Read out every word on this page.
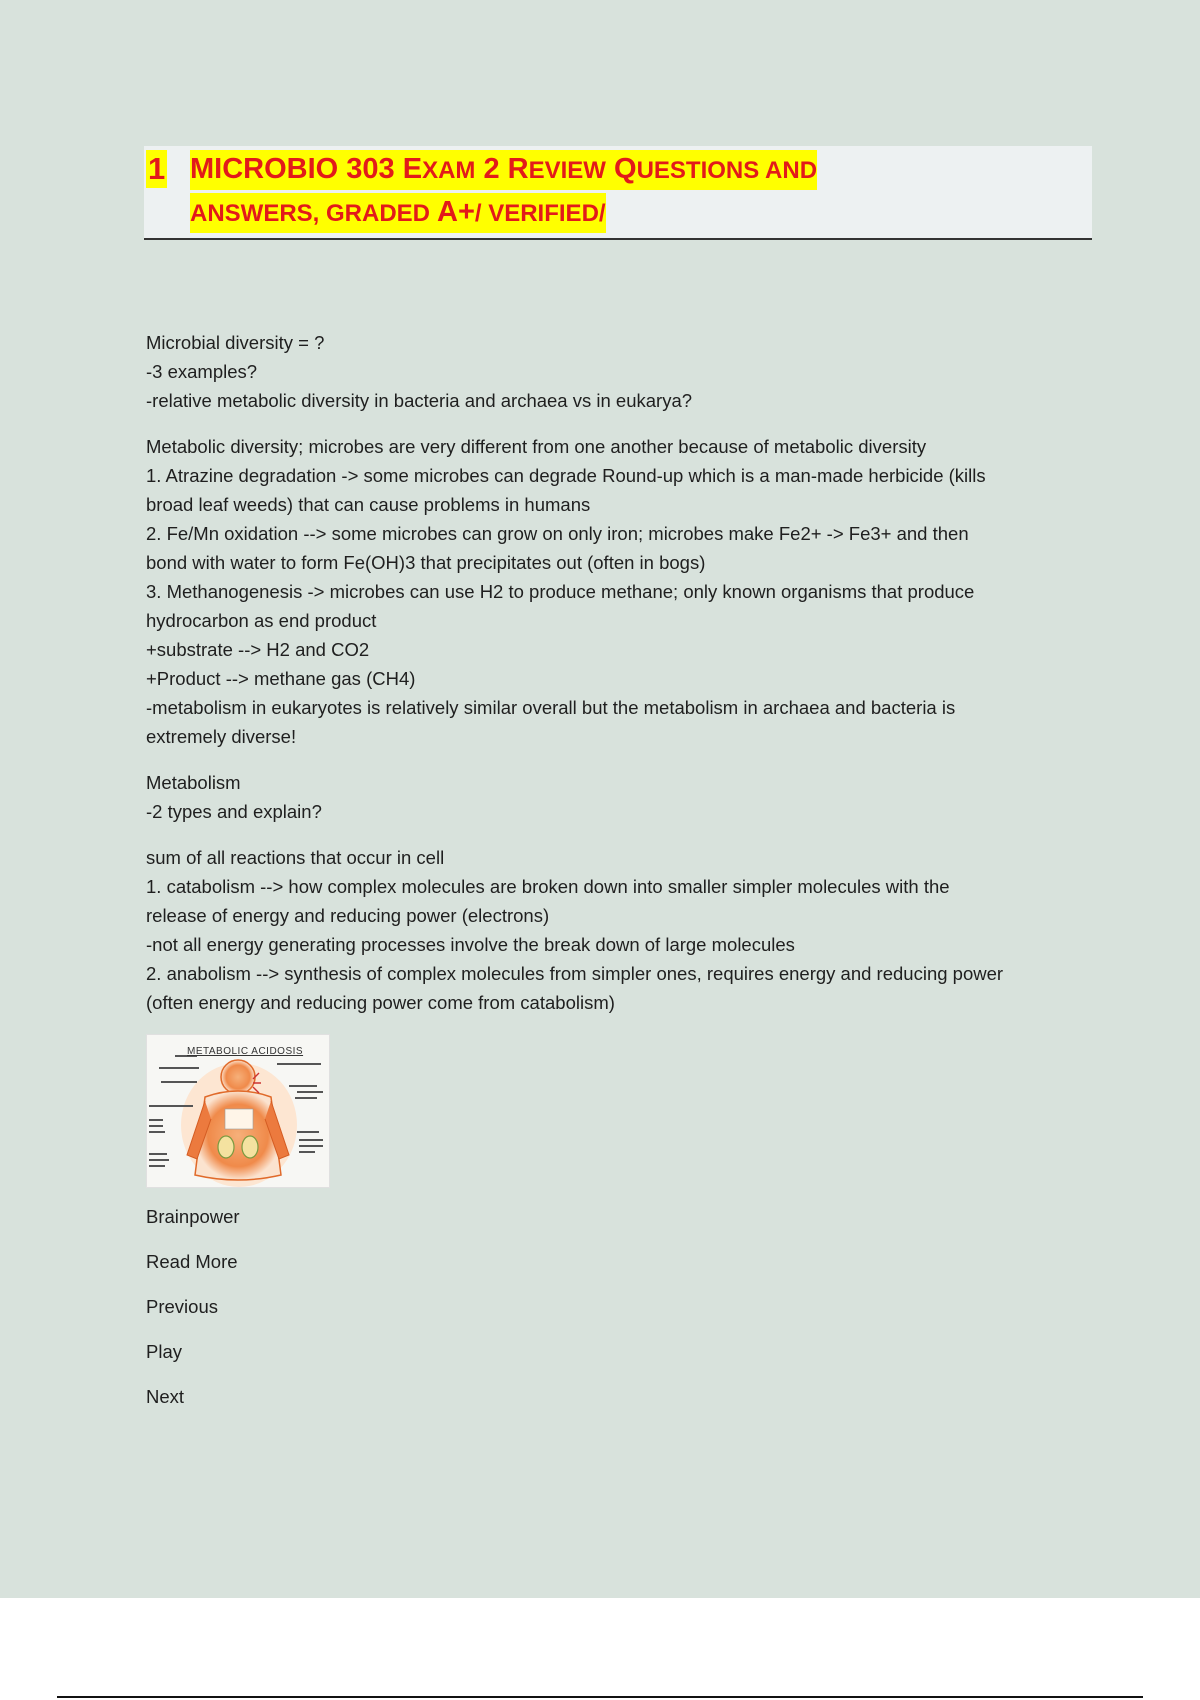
1 MICROBIO 303 EXAM 2 REVIEW QUESTIONS AND
ANSWERS, GRADED A+/ VERIFIED/
Microbial diversity = ?
-3 examples?
-relative metabolic diversity in bacteria and archaea vs in eukarya?
Metabolic diversity; microbes are very different from one another because of metabolic diversity
1. Atrazine degradation -> some microbes can degrade Round-up which is a man-made herbicide (kills
broad leaf weeds) that can cause problems in humans
2. Fe/Mn oxidation --> some microbes can grow on only iron; microbes make Fe2+ -> Fe3+ and then
bond with water to form Fe(OH)3 that precipitates out (often in bogs)
3. Methanogenesis -> microbes can use H2 to produce methane; only known organisms that produce
hydrocarbon as end product
+substrate --> H2 and CO2
+Product --> methane gas (CH4)
-metabolism in eukaryotes is relatively similar overall but the metabolism in archaea and bacteria is
extremely diverse!
Metabolism
-2 types and explain?
sum of all reactions that occur in cell
1. catabolism --> how complex molecules are broken down into smaller simpler molecules with the
release of energy and reducing power (electrons)
-not all energy generating processes involve the break down of large molecules
2. anabolism --> synthesis of complex molecules from simpler ones, requires energy and reducing power
(often energy and reducing power come from catabolism)
METABOLIC ACIDOSIS
Brainpower
Read More
Previous
Play
Next
